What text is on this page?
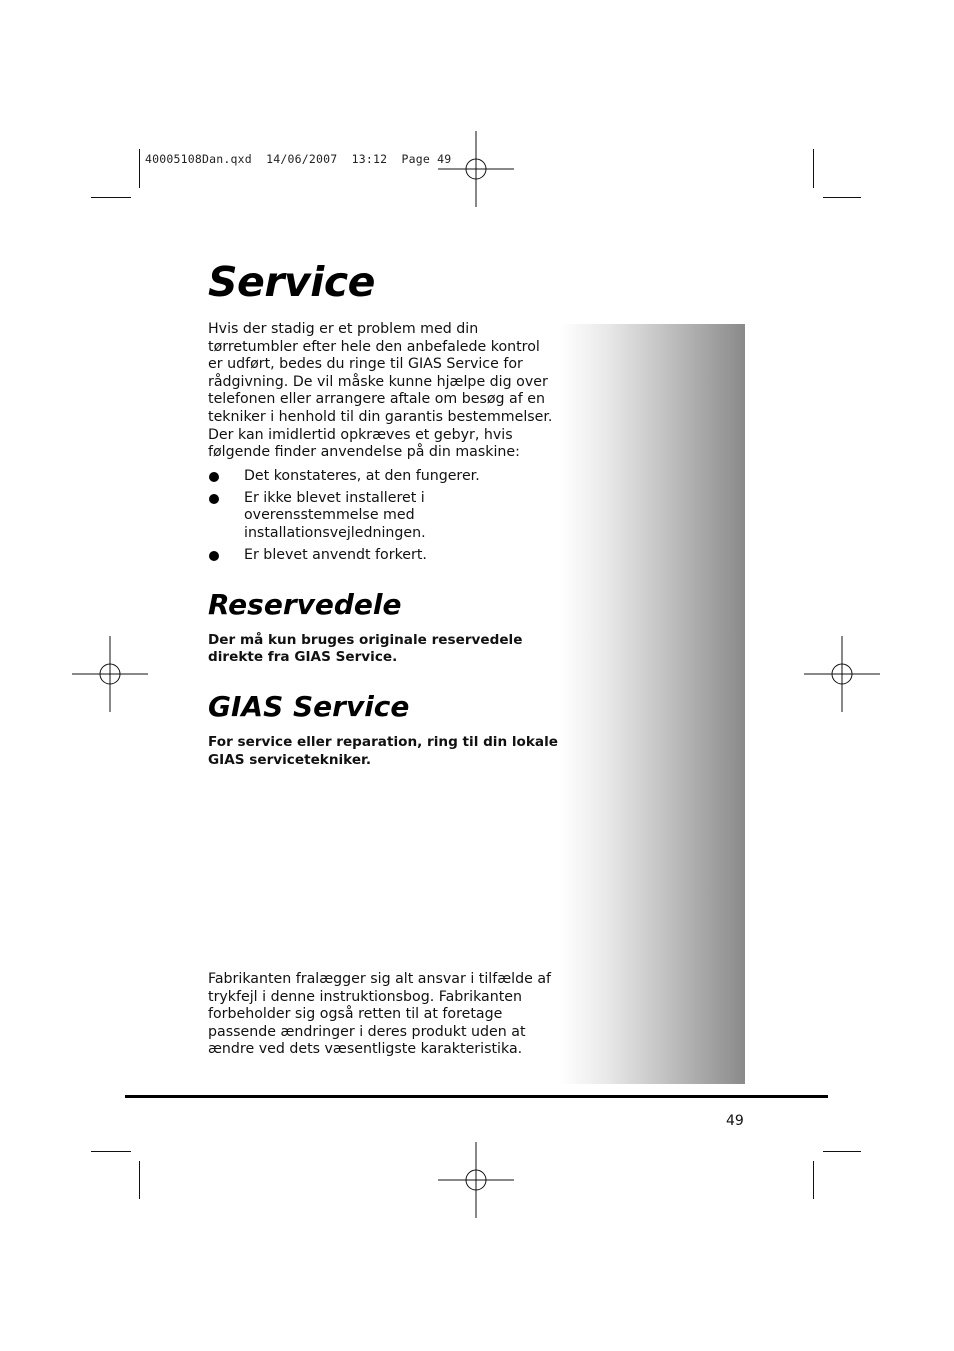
40005108Dan.qxd  14/06/2007  13:12  Page 49
Service

Hvis der stadig er et problem med din tørretumbler efter hele den anbefalede kontrol er udført, bedes du ringe til GIAS Service for rådgivning. De vil måske kunne hjælpe dig over telefonen eller arrangere aftale om besøg af en tekniker i henhold til din garantis bestemmelser. Der kan imidlertid opkræves et gebyr, hvis følgende finder anvendelse på din maskine:

Det konstateres, at den fungerer.
Er ikke blevet installeret i overensstemmelse med installationsvejledningen.
Er blevet anvendt forkert.
Reservedele

Der må kun bruges originale reservedele direkte fra GIAS Service.

GIAS Service

For service eller reparation, ring til din lokale GIAS servicetekniker.

Fabrikanten fralægger sig alt ansvar i tilfælde af trykfejl i denne instruktionsbog. Fabrikanten forbeholder sig også retten til at foretage passende ændringer i deres produkt uden at ændre ved dets væsentligste karakteristika.

49
